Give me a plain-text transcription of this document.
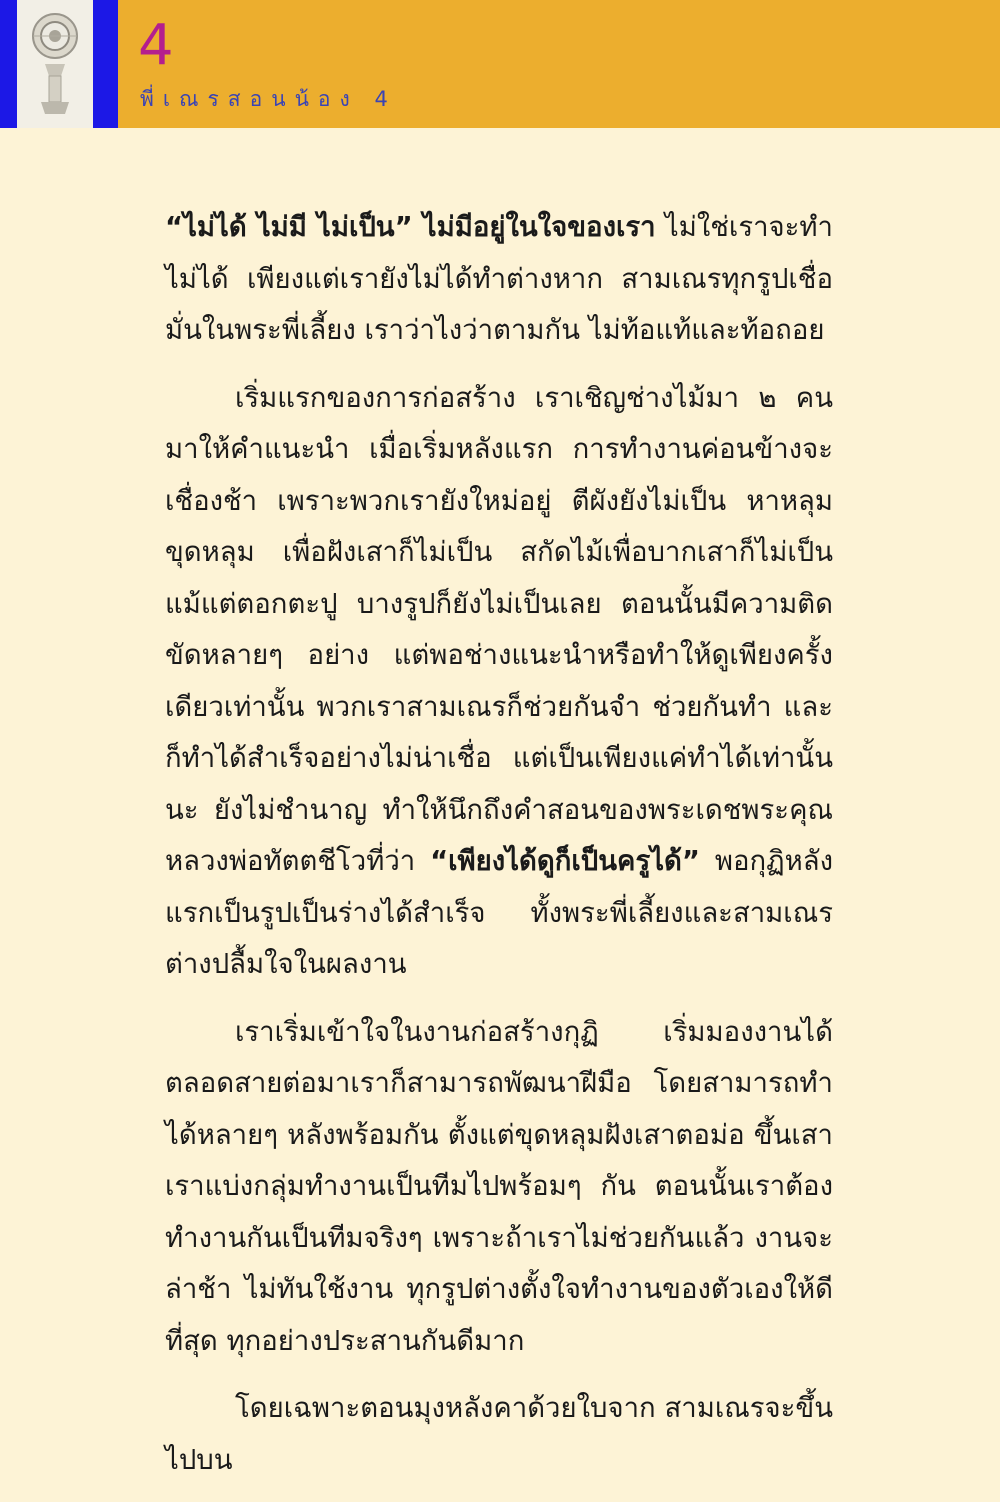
4
พี่เณรสอนน้อง 4

“ไม่ได้ ไม่มี ไม่เป็น” ไม่มีอยู่ในใจของเรา ไม่ใช่เราจะทำไม่ได้ เพียงแต่เรายังไม่ได้ทำต่างหาก สามเณรทุกรูปเชื่อมั่นในพระพี่เลี้ยง เราว่าไงว่าตามกัน ไม่ท้อแท้และท้อถอย

เริ่มแรกของการก่อสร้าง เราเชิญช่างไม้มา ๒ คน มาให้คำแนะนำ เมื่อเริ่มหลังแรก การทำงานค่อนข้างจะเชื่องช้า เพราะพวกเรายังใหม่อยู่ ตีผังยังไม่เป็น หาหลุมขุดหลุม เพื่อฝังเสาก็ไม่เป็น สกัดไม้เพื่อบากเสาก็ไม่เป็น แม้แต่ตอกตะปู บางรูปก็ยังไม่เป็นเลย ตอนนั้นมีความติดขัดหลายๆ อย่าง แต่พอช่างแนะนำหรือทำให้ดูเพียงครั้งเดียวเท่านั้น พวกเราสามเณรก็ช่วยกันจำ ช่วยกันทำ และก็ทำได้สำเร็จอย่างไม่น่าเชื่อ แต่เป็นเพียงแค่ทำได้เท่านั้นนะ ยังไม่ชำนาญ ทำให้นึกถึงคำสอนของพระเดชพระคุณหลวงพ่อทัตตชีโวที่ว่า “เพียงได้ดูก็เป็นครูได้” พอกุฏิหลังแรกเป็นรูปเป็นร่างได้สำเร็จ ทั้งพระพี่เลี้ยงและสามเณรต่างปลื้มใจในผลงาน

เราเริ่มเข้าใจในงานก่อสร้างกุฏิ เริ่มมองงานได้ตลอดสายต่อมาเราก็สามารถพัฒนาฝีมือ โดยสามารถทำได้หลายๆ หลังพร้อมกัน ตั้งแต่ขุดหลุมฝังเสาตอม่อ ขึ้นเสา เราแบ่งกลุ่มทำงานเป็นทีมไปพร้อมๆ กัน ตอนนั้นเราต้องทำงานกันเป็นทีมจริงๆ เพราะถ้าเราไม่ช่วยกันแล้ว งานจะล่าช้า ไม่ทันใช้งาน ทุกรูปต่างตั้งใจทำงานของตัวเองให้ดีที่สุด ทุกอย่างประสานกันดีมาก

โดยเฉพาะตอนมุงหลังคาด้วยใบจาก สามเณรจะขึ้นไปบน
